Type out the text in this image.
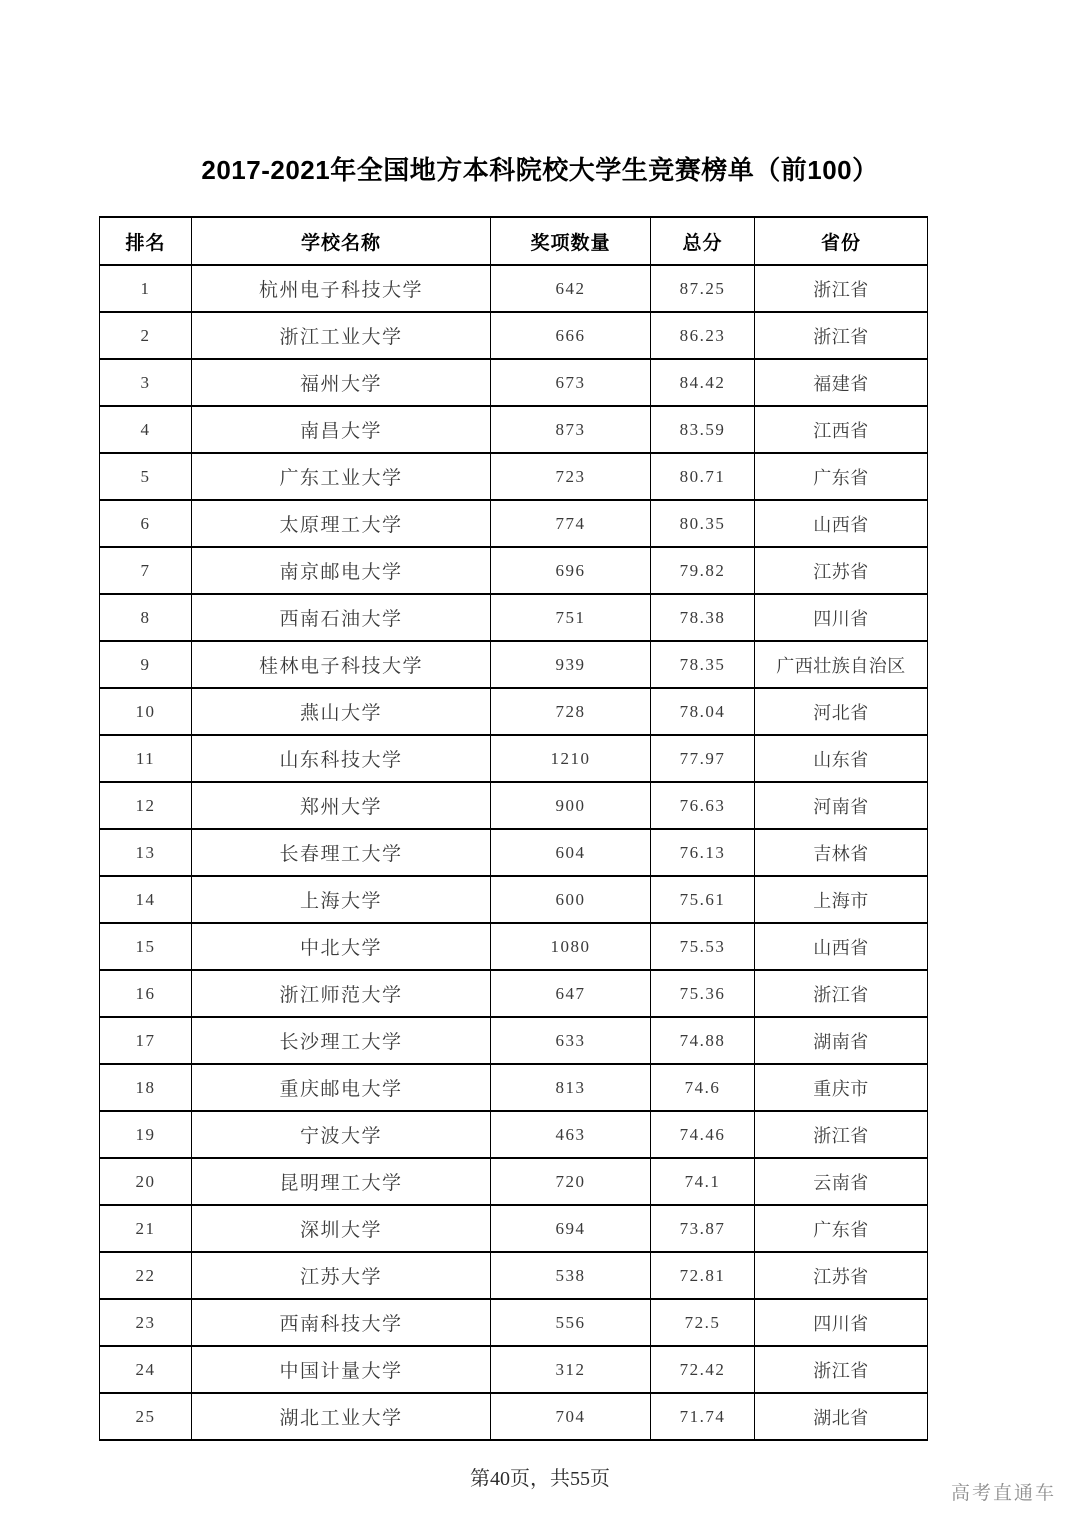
2017-2021年全国地方本科院校大学生竞赛榜单（前100）
排名	学校名称	奖项数量	总分	省份
1	杭州电子科技大学	642	87.25	浙江省
2	浙江工业大学	666	86.23	浙江省
3	福州大学	673	84.42	福建省
4	南昌大学	873	83.59	江西省
5	广东工业大学	723	80.71	广东省
6	太原理工大学	774	80.35	山西省
7	南京邮电大学	696	79.82	江苏省
8	西南石油大学	751	78.38	四川省
9	桂林电子科技大学	939	78.35	广西壮族自治区
10	燕山大学	728	78.04	河北省
11	山东科技大学	1210	77.97	山东省
12	郑州大学	900	76.63	河南省
13	长春理工大学	604	76.13	吉林省
14	上海大学	600	75.61	上海市
15	中北大学	1080	75.53	山西省
16	浙江师范大学	647	75.36	浙江省
17	长沙理工大学	633	74.88	湖南省
18	重庆邮电大学	813	74.6	重庆市
19	宁波大学	463	74.46	浙江省
20	昆明理工大学	720	74.1	云南省
21	深圳大学	694	73.87	广东省
22	江苏大学	538	72.81	江苏省
23	西南科技大学	556	72.5	四川省
24	中国计量大学	312	72.42	浙江省
25	湖北工业大学	704	71.74	湖北省
第40页，共55页
高考直通车
